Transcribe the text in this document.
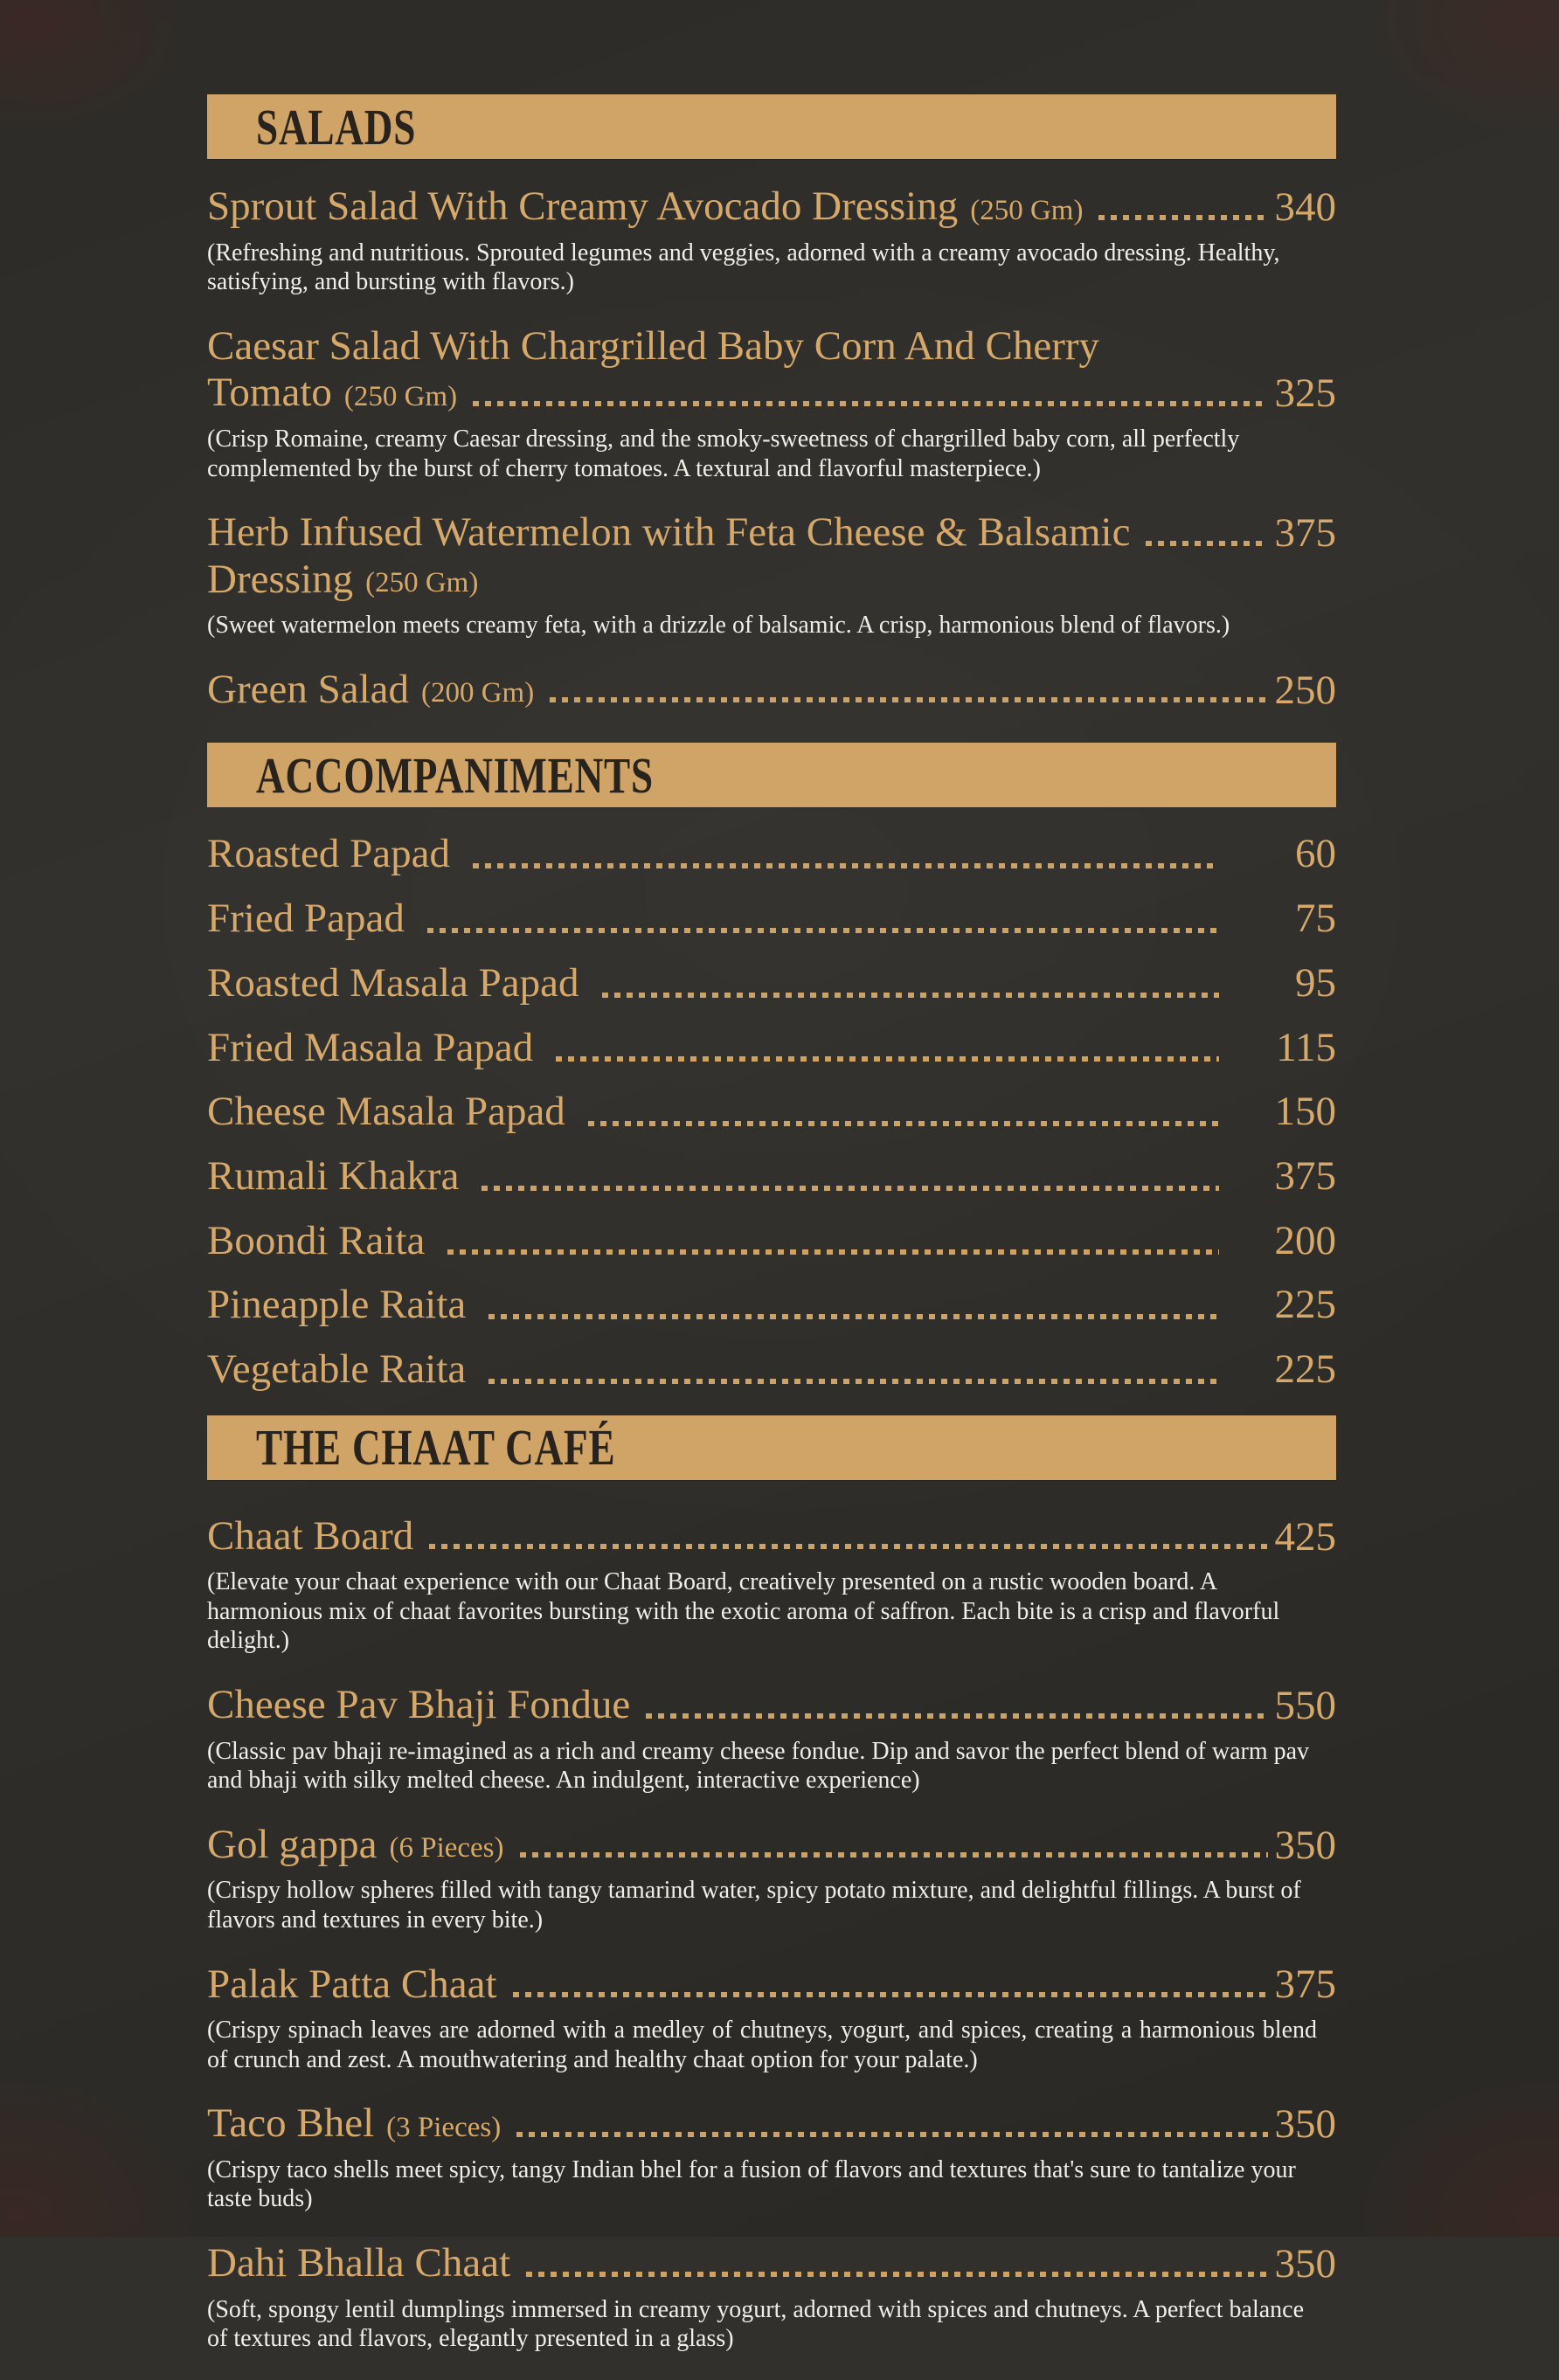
SALADS
Sprout Salad With Creamy Avocado Dressing (250 Gm)	340

(Refreshing and nutritious. Sprouted legumes and veggies, adorned with a creamy avocado dressing. Healthy, satisfying, and bursting with flavors.)

Caesar Salad With Chargrilled Baby Corn And Cherry
Tomato (250 Gm)	325

(Crisp Romaine, creamy Caesar dressing, and the smoky-sweetness of chargrilled baby corn, all perfectly complemented by the burst of cherry tomatoes. A textural and flavorful masterpiece.)

Herb Infused Watermelon with Feta Cheese & Balsamic	375
Dressing (250 Gm)

(Sweet watermelon meets creamy feta, with a drizzle of balsamic. A crisp, harmonious blend of flavors.)

Green Salad (200 Gm)	250
ACCOMPANIMENTS
Roasted Papad	60
Fried Papad	75
Roasted Masala Papad	95
Fried Masala Papad	115
Cheese Masala Papad	150
Rumali Khakra	375
Boondi Raita	200
Pineapple Raita	225
Vegetable Raita	225
THE CHAAT CAFÉ
Chaat Board	425

(Elevate your chaat experience with our Chaat Board, creatively presented on a rustic wooden board. A harmonious mix of chaat favorites bursting with the exotic aroma of saffron. Each bite is a crisp and flavorful delight.)

Cheese Pav Bhaji Fondue	550

(Classic pav bhaji re-imagined as a rich and creamy cheese fondue. Dip and savor the perfect blend of warm pav and bhaji with silky melted cheese. An indulgent, interactive experience)

Gol gappa (6 Pieces)	350

(Crispy hollow spheres filled with tangy tamarind water, spicy potato mixture, and delightful fillings. A burst of flavors and textures in every bite.)

Palak Patta Chaat	375

(Crispy spinach leaves are adorned with a medley of chutneys, yogurt, and spices, creating a harmonious blend of crunch and zest. A mouthwatering and healthy chaat option for your palate.)

Taco Bhel (3 Pieces)	350

(Crispy taco shells meet spicy, tangy Indian bhel for a fusion of flavors and textures that's sure to tantalize your taste buds)

Dahi Bhalla Chaat	350

(Soft, spongy lentil dumplings immersed in creamy yogurt, adorned with spices and chutneys. A perfect balance of textures and flavors, elegantly presented in a glass)
